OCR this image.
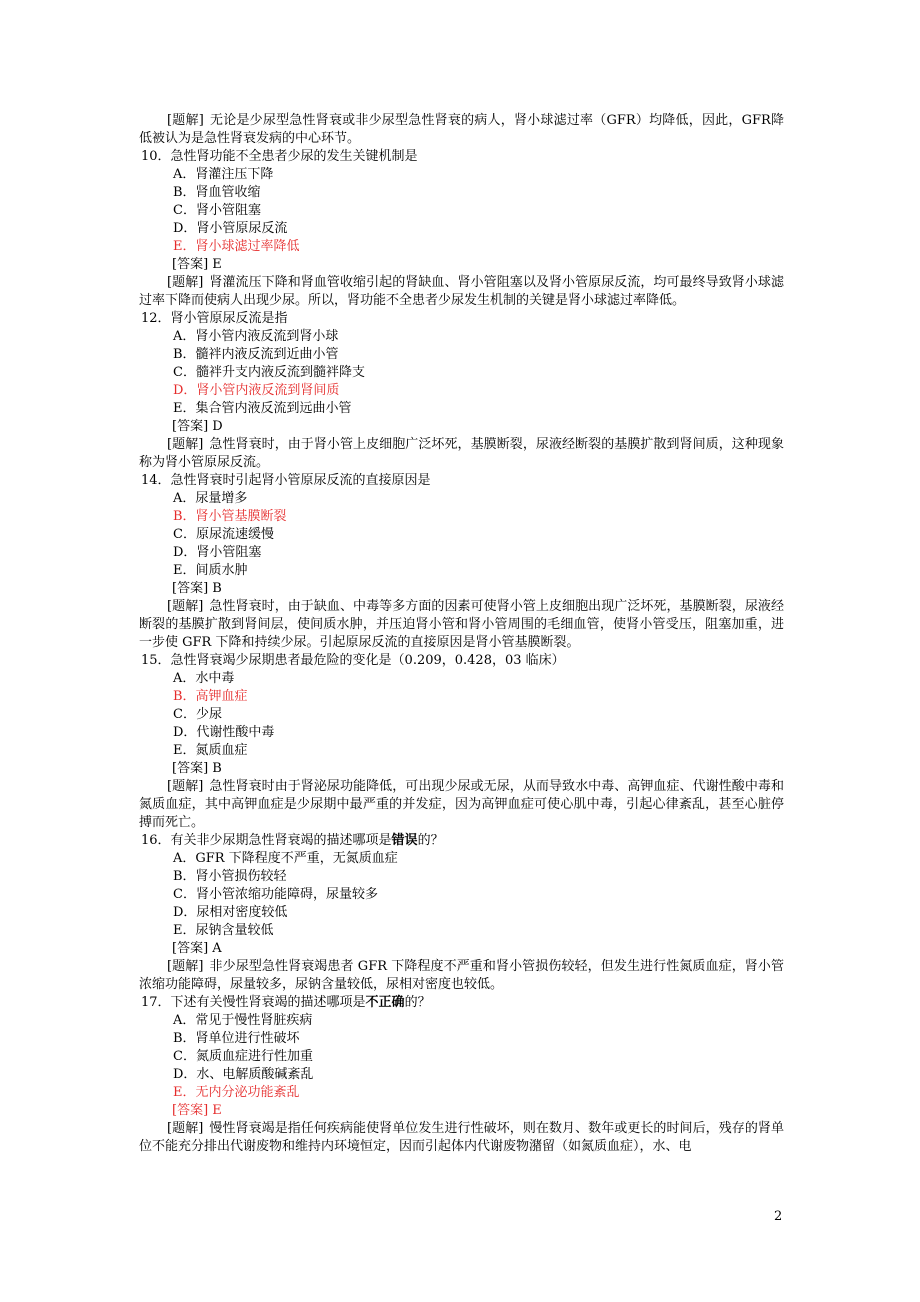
[题解] 无论是少尿型急性肾衰或非少尿型急性肾衰的病人，肾小球滤过率（GFR）均降低，因此，GFR降低被认为是急性肾衰发病的中心环节。
10．急性肾功能不全患者少尿的发生关键机制是
A．肾灌注压下降
B．肾血管收缩
C．肾小管阻塞
D．肾小管原尿反流
E．肾小球滤过率降低
[答案] E
[题解] 肾灌流压下降和肾血管收缩引起的肾缺血、肾小管阻塞以及肾小管原尿反流，均可最终导致肾小球滤过率下降而使病人出现少尿。所以，肾功能不全患者少尿发生机制的关键是肾小球滤过率降低。
12．肾小管原尿反流是指
A．肾小管内液反流到肾小球
B．髓袢内液反流到近曲小管
C．髓袢升支内液反流到髓袢降支
D．肾小管内液反流到肾间质
E．集合管内液反流到远曲小管
[答案] D
[题解] 急性肾衰时，由于肾小管上皮细胞广泛坏死，基膜断裂，尿液经断裂的基膜扩散到肾间质，这种现象称为肾小管原尿反流。
14．急性肾衰时引起肾小管原尿反流的直接原因是
A．尿量增多
B．肾小管基膜断裂
C．原尿流速缓慢
D．肾小管阻塞
E．间质水肿
[答案] B
[题解] 急性肾衰时，由于缺血、中毒等多方面的因素可使肾小管上皮细胞出现广泛坏死，基膜断裂，尿液经断裂的基膜扩散到肾间层，使间质水肿，并压迫肾小管和肾小管周围的毛细血管，使肾小管受压，阻塞加重，进一步使 GFR 下降和持续少尿。引起原尿反流的直接原因是肾小管基膜断裂。
15．急性肾衰竭少尿期患者最危险的变化是（0.209，0.428，03 临床）
A．水中毒
B．高钾血症
C．少尿
D．代谢性酸中毒
E．氮质血症
[答案] B
[题解] 急性肾衰时由于肾泌尿功能降低，可出现少尿或无尿，从而导致水中毒、高钾血症、代谢性酸中毒和氮质血症，其中高钾血症是少尿期中最严重的并发症，因为高钾血症可使心肌中毒，引起心律紊乱，甚至心脏停搏而死亡。
16．有关非少尿期急性肾衰竭的描述哪项是错误的？
A．GFR 下降程度不严重，无氮质血症
B．肾小管损伤较轻
C．肾小管浓缩功能障碍，尿量较多
D．尿相对密度较低
E．尿钠含量较低
[答案] A
[题解] 非少尿型急性肾衰竭患者 GFR 下降程度不严重和肾小管损伤较轻，但发生进行性氮质血症，肾小管浓缩功能障碍，尿量较多，尿钠含量较低，尿相对密度也较低。
17．下述有关慢性肾衰竭的描述哪项是不正确的？
A．常见于慢性肾脏疾病
B．肾单位进行性破坏
C．氮质血症进行性加重
D．水、电解质酸碱紊乱
E．无内分泌功能紊乱
[答案] E
[题解] 慢性肾衰竭是指任何疾病能使肾单位发生进行性破坏，则在数月、数年或更长的时间后，残存的肾单位不能充分排出代谢废物和维持内环境恒定，因而引起体内代谢废物潴留（如氮质血症），水、电
2
